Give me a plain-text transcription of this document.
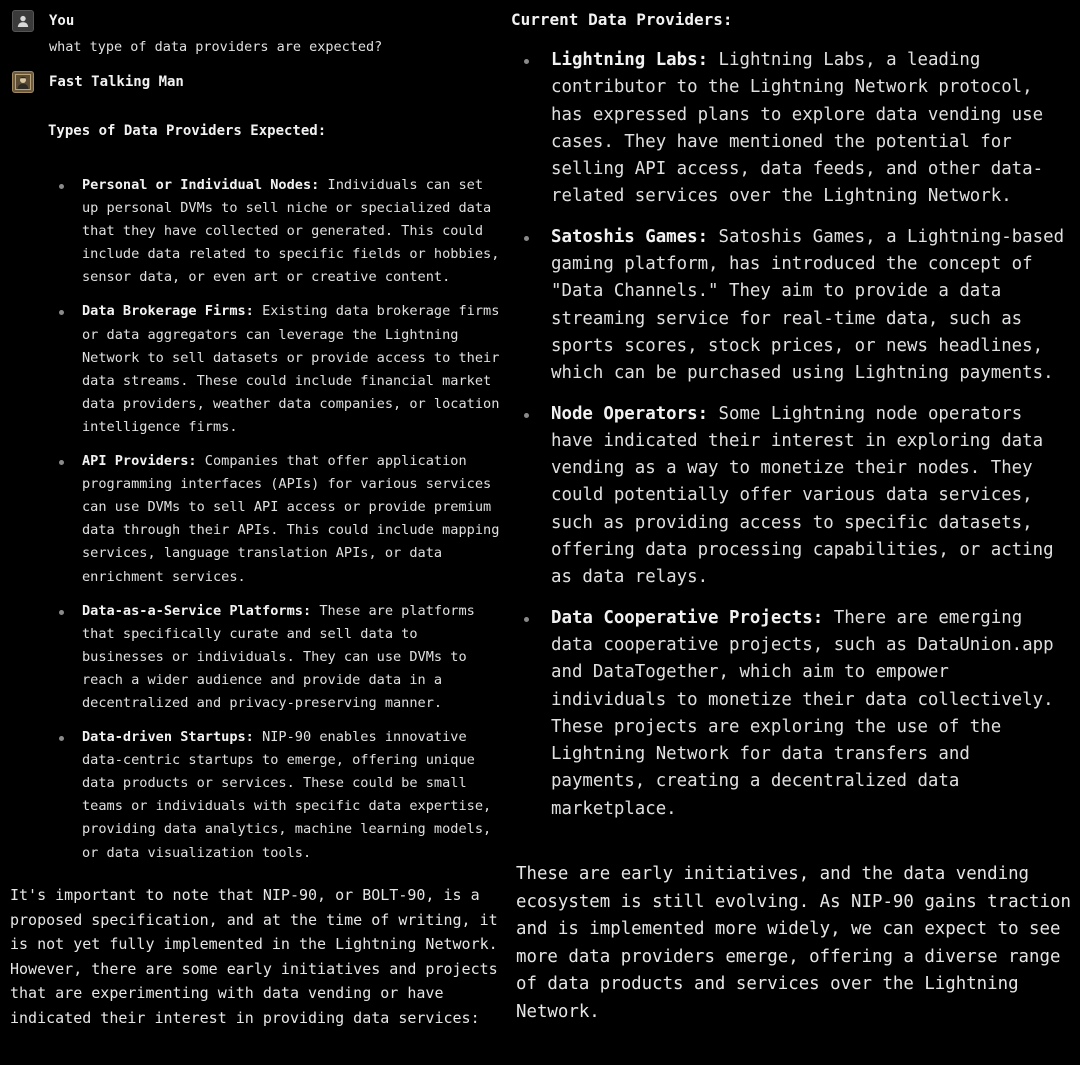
You

what type of data providers are expected?

Fast Talking Man

Types of Data Providers Expected:

Personal or Individual Nodes: Individuals can set up personal DVMs to sell niche or specialized data that they have collected or generated. This could include data related to specific fields or hobbies, sensor data, or even art or creative content.
Data Brokerage Firms: Existing data brokerage firms or data aggregators can leverage the Lightning Network to sell datasets or provide access to their data streams. These could include financial market data providers, weather data companies, or location intelligence firms.
API Providers: Companies that offer application programming interfaces (APIs) for various services can use DVMs to sell API access or provide premium data through their APIs. This could include mapping services, language translation APIs, or data enrichment services.
Data-as-a-Service Platforms: These are platforms that specifically curate and sell data to businesses or individuals. They can use DVMs to reach a wider audience and provide data in a decentralized and privacy-preserving manner.
Data-driven Startups: NIP-90 enables innovative data-centric startups to emerge, offering unique data products or services. These could be small teams or individuals with specific data expertise, providing data analytics, machine learning models, or data visualization tools.

It's important to note that NIP-90, or BOLT-90, is a proposed specification, and at the time of writing, it is not yet fully implemented in the Lightning Network. However, there are some early initiatives and projects that are experimenting with data vending or have indicated their interest in providing data services:

Current Data Providers:

Lightning Labs: Lightning Labs, a leading contributor to the Lightning Network protocol, has expressed plans to explore data vending use cases. They have mentioned the potential for selling API access, data feeds, and other data-related services over the Lightning Network.
Satoshis Games: Satoshis Games, a Lightning-based gaming platform, has introduced the concept of "Data Channels." They aim to provide a data streaming service for real-time data, such as sports scores, stock prices, or news headlines, which can be purchased using Lightning payments.
Node Operators: Some Lightning node operators have indicated their interest in exploring data vending as a way to monetize their nodes. They could potentially offer various data services, such as providing access to specific datasets, offering data processing capabilities, or acting as data relays.
Data Cooperative Projects: There are emerging data cooperative projects, such as DataUnion.app and DataTogether, which aim to empower individuals to monetize their data collectively. These projects are exploring the use of the Lightning Network for data transfers and payments, creating a decentralized data marketplace.

These are early initiatives, and the data vending ecosystem is still evolving. As NIP-90 gains traction and is implemented more widely, we can expect to see more data providers emerge, offering a diverse range of data products and services over the Lightning Network.
